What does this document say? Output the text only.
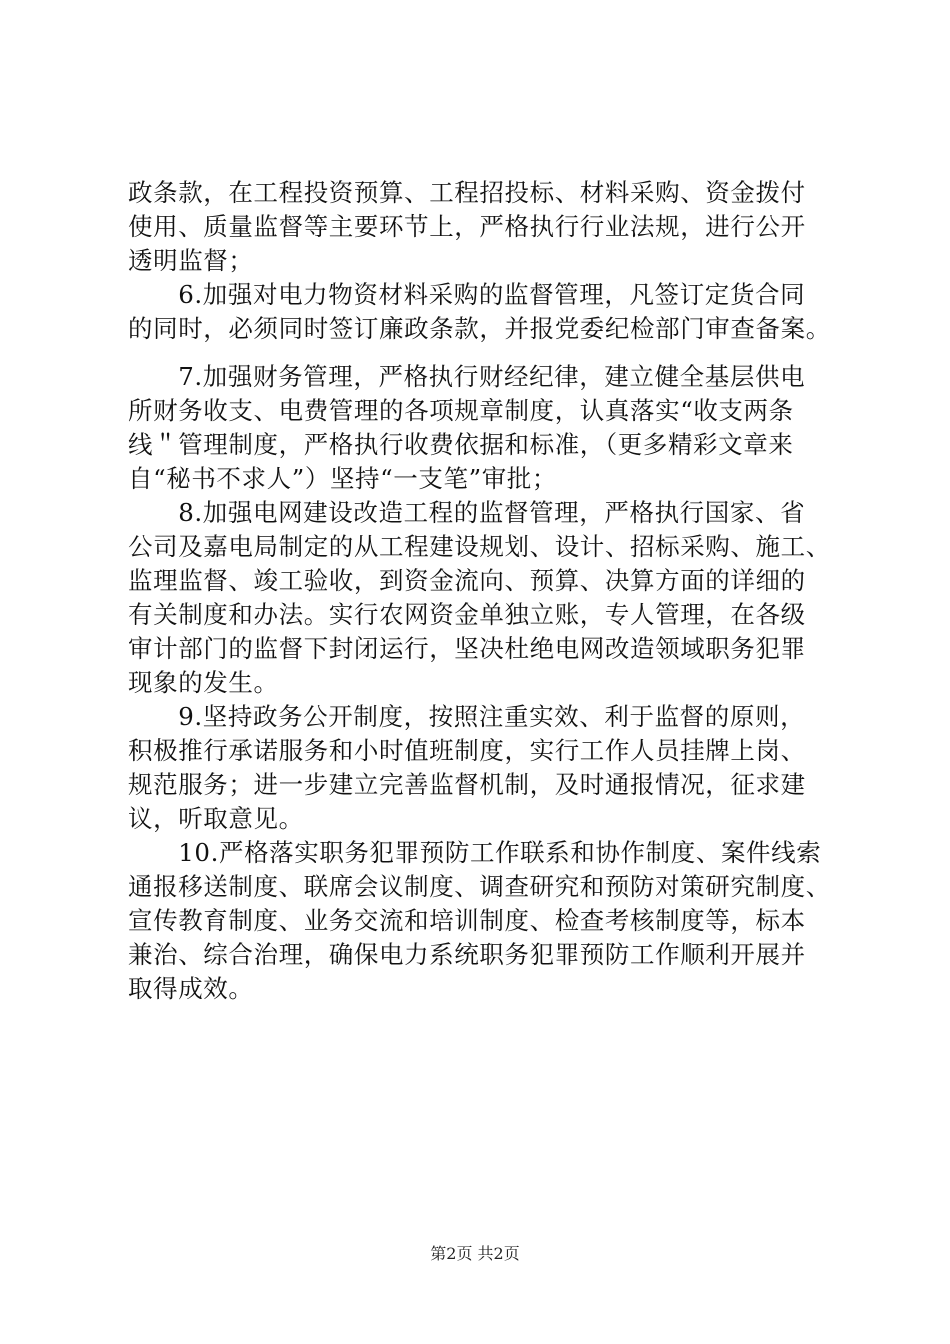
政条款，在工程投资预算、工程招投标、材料采购、资金拨付
使用、质量监督等主要环节上，严格执行行业法规，进行公开
透明监督；
　　6.加强对电力物资材料采购的监督管理，凡签订定货合同
的同时，必须同时签订廉政条款，并报党委纪检部门审查备案。
　　7.加强财务管理，严格执行财经纪律，建立健全基层供电
所财务收支、电费管理的各项规章制度，认真落实“收支两条
线＂管理制度，严格执行收费依据和标准，（更多精彩文章来
自“秘书不求人”）坚持“一支笔”审批；
　　8.加强电网建设改造工程的监督管理，严格执行国家、省
公司及嘉电局制定的从工程建设规划、设计、招标采购、施工、
监理监督、竣工验收，到资金流向、预算、决算方面的详细的
有关制度和办法。实行农网资金单独立账，专人管理，在各级
审计部门的监督下封闭运行，坚决杜绝电网改造领域职务犯罪
现象的发生。
　　9.坚持政务公开制度，按照注重实效、利于监督的原则，
积极推行承诺服务和小时值班制度，实行工作人员挂牌上岗、
规范服务；进一步建立完善监督机制，及时通报情况，征求建
议，听取意见。
　　10.严格落实职务犯罪预防工作联系和协作制度、案件线索
通报移送制度、联席会议制度、调查研究和预防对策研究制度、
宣传教育制度、业务交流和培训制度、检查考核制度等，标本
兼治、综合治理，确保电力系统职务犯罪预防工作顺利开展并
取得成效。
第2页 共2页
